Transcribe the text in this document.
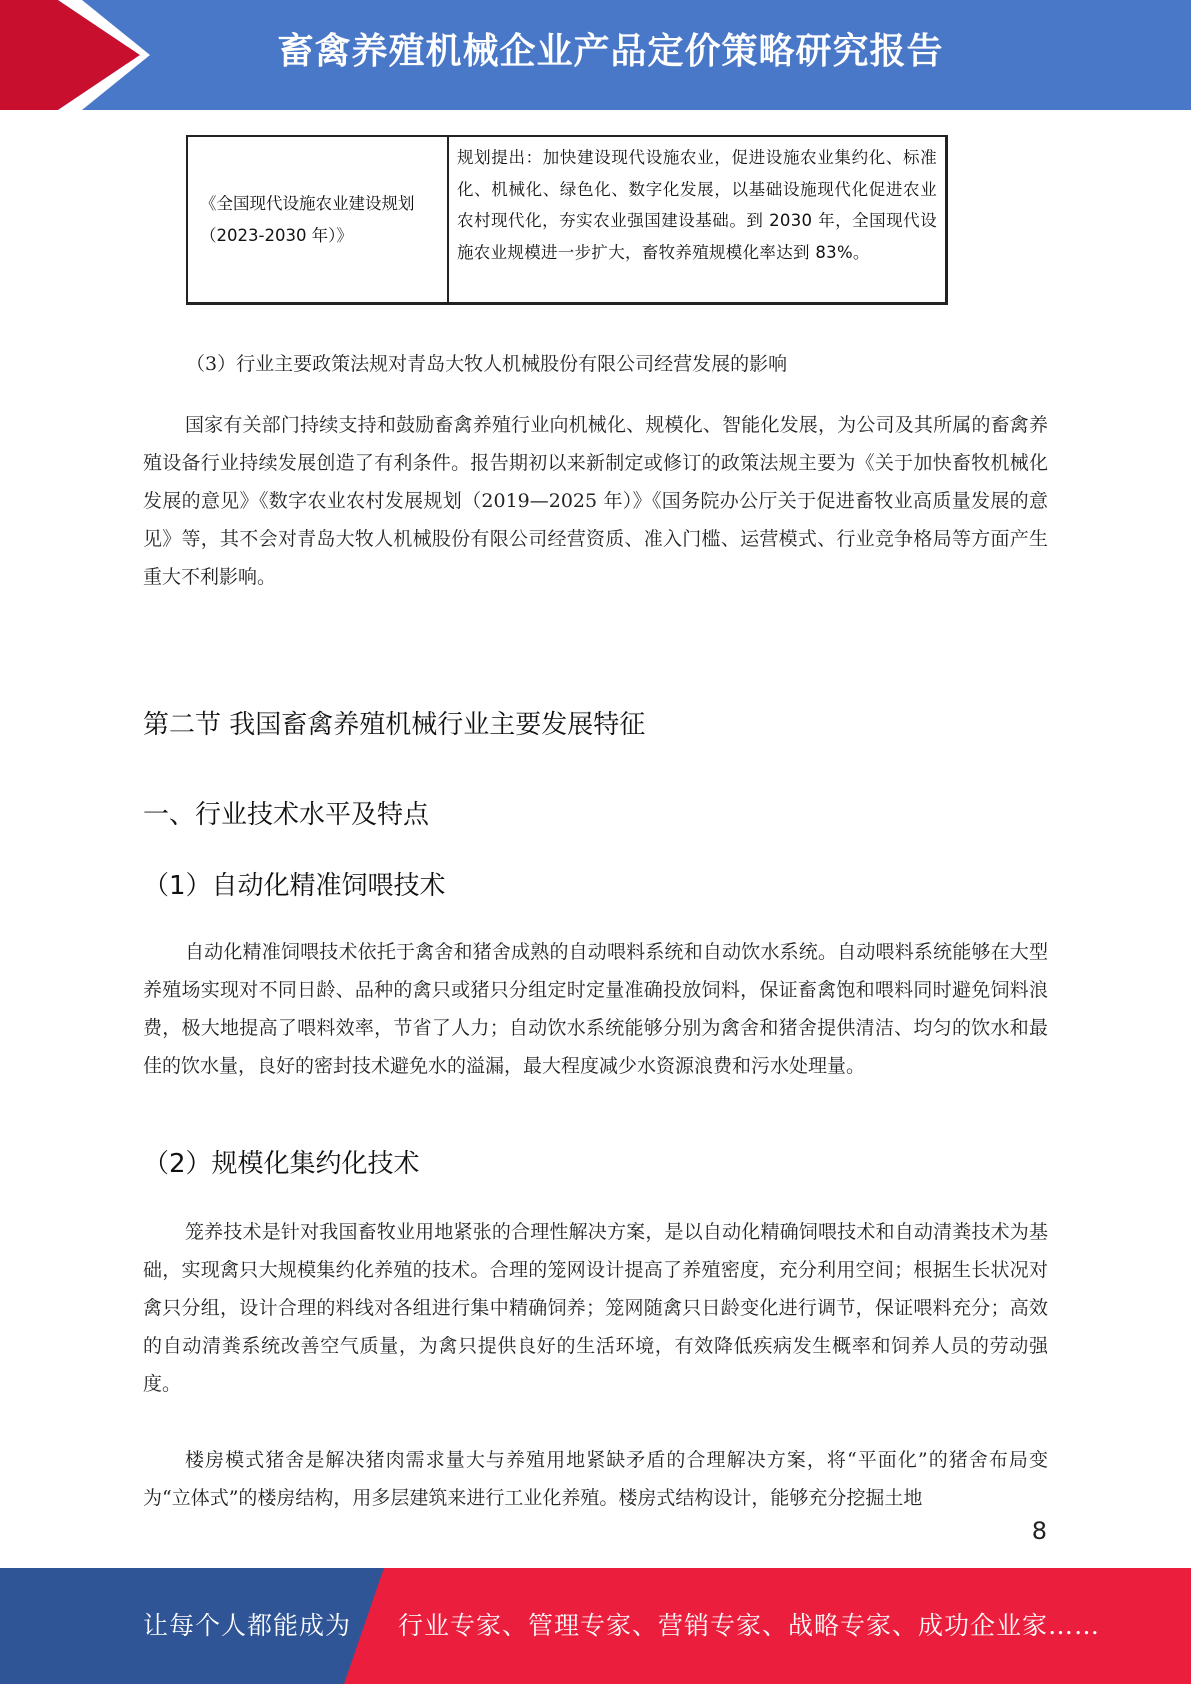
畜禽养殖机械企业产品定价策略研究报告
《全国现代设施农业建设规划（2023-2030 年）》
规划提出：加快建设现代设施农业，促进设施农业集约化、标准化、机械化、绿色化、数字化发展，以基础设施现代化促进农业农村现代化，夯实农业强国建设基础。到 2030 年，全国现代设施农业规模进一步扩大，畜牧养殖规模化率达到 83%。

（3）行业主要政策法规对青岛大牧人机械股份有限公司经营发展的影响

国家有关部门持续支持和鼓励畜禽养殖行业向机械化、规模化、智能化发展，为公司及其所属的畜禽养殖设备行业持续发展创造了有利条件。报告期初以来新制定或修订的政策法规主要为《关于加快畜牧机械化发展的意见》《数字农业农村发展规划（2019—2025 年）》《国务院办公厅关于促进畜牧业高质量发展的意见》等，其不会对青岛大牧人机械股份有限公司经营资质、准入门槛、运营模式、行业竞争格局等方面产生重大不利影响。

第二节 我国畜禽养殖机械行业主要发展特征
一、行业技术水平及特点
（1）自动化精准饲喂技术

自动化精准饲喂技术依托于禽舍和猪舍成熟的自动喂料系统和自动饮水系统。自动喂料系统能够在大型养殖场实现对不同日龄、品种的禽只或猪只分组定时定量准确投放饲料，保证畜禽饱和喂料同时避免饲料浪费，极大地提高了喂料效率，节省了人力；自动饮水系统能够分别为禽舍和猪舍提供清洁、均匀的饮水和最佳的饮水量，良好的密封技术避免水的溢漏，最大程度减少水资源浪费和污水处理量。

（2）规模化集约化技术

笼养技术是针对我国畜牧业用地紧张的合理性解决方案，是以自动化精确饲喂技术和自动清粪技术为基础，实现禽只大规模集约化养殖的技术。合理的笼网设计提高了养殖密度，充分利用空间；根据生长状况对禽只分组，设计合理的料线对各组进行集中精确饲养；笼网随禽只日龄变化进行调节，保证喂料充分；高效的自动清粪系统改善空气质量，为禽只提供良好的生活环境，有效降低疾病发生概率和饲养人员的劳动强度。

楼房模式猪舍是解决猪肉需求量大与养殖用地紧缺矛盾的合理解决方案，将“平面化”的猪舍布局变为“立体式”的楼房结构，用多层建筑来进行工业化养殖。楼房式结构设计，能够充分挖掘土地

8
让每个人都能成为 行业专家、管理专家、营销专家、战略专家、成功企业家……
